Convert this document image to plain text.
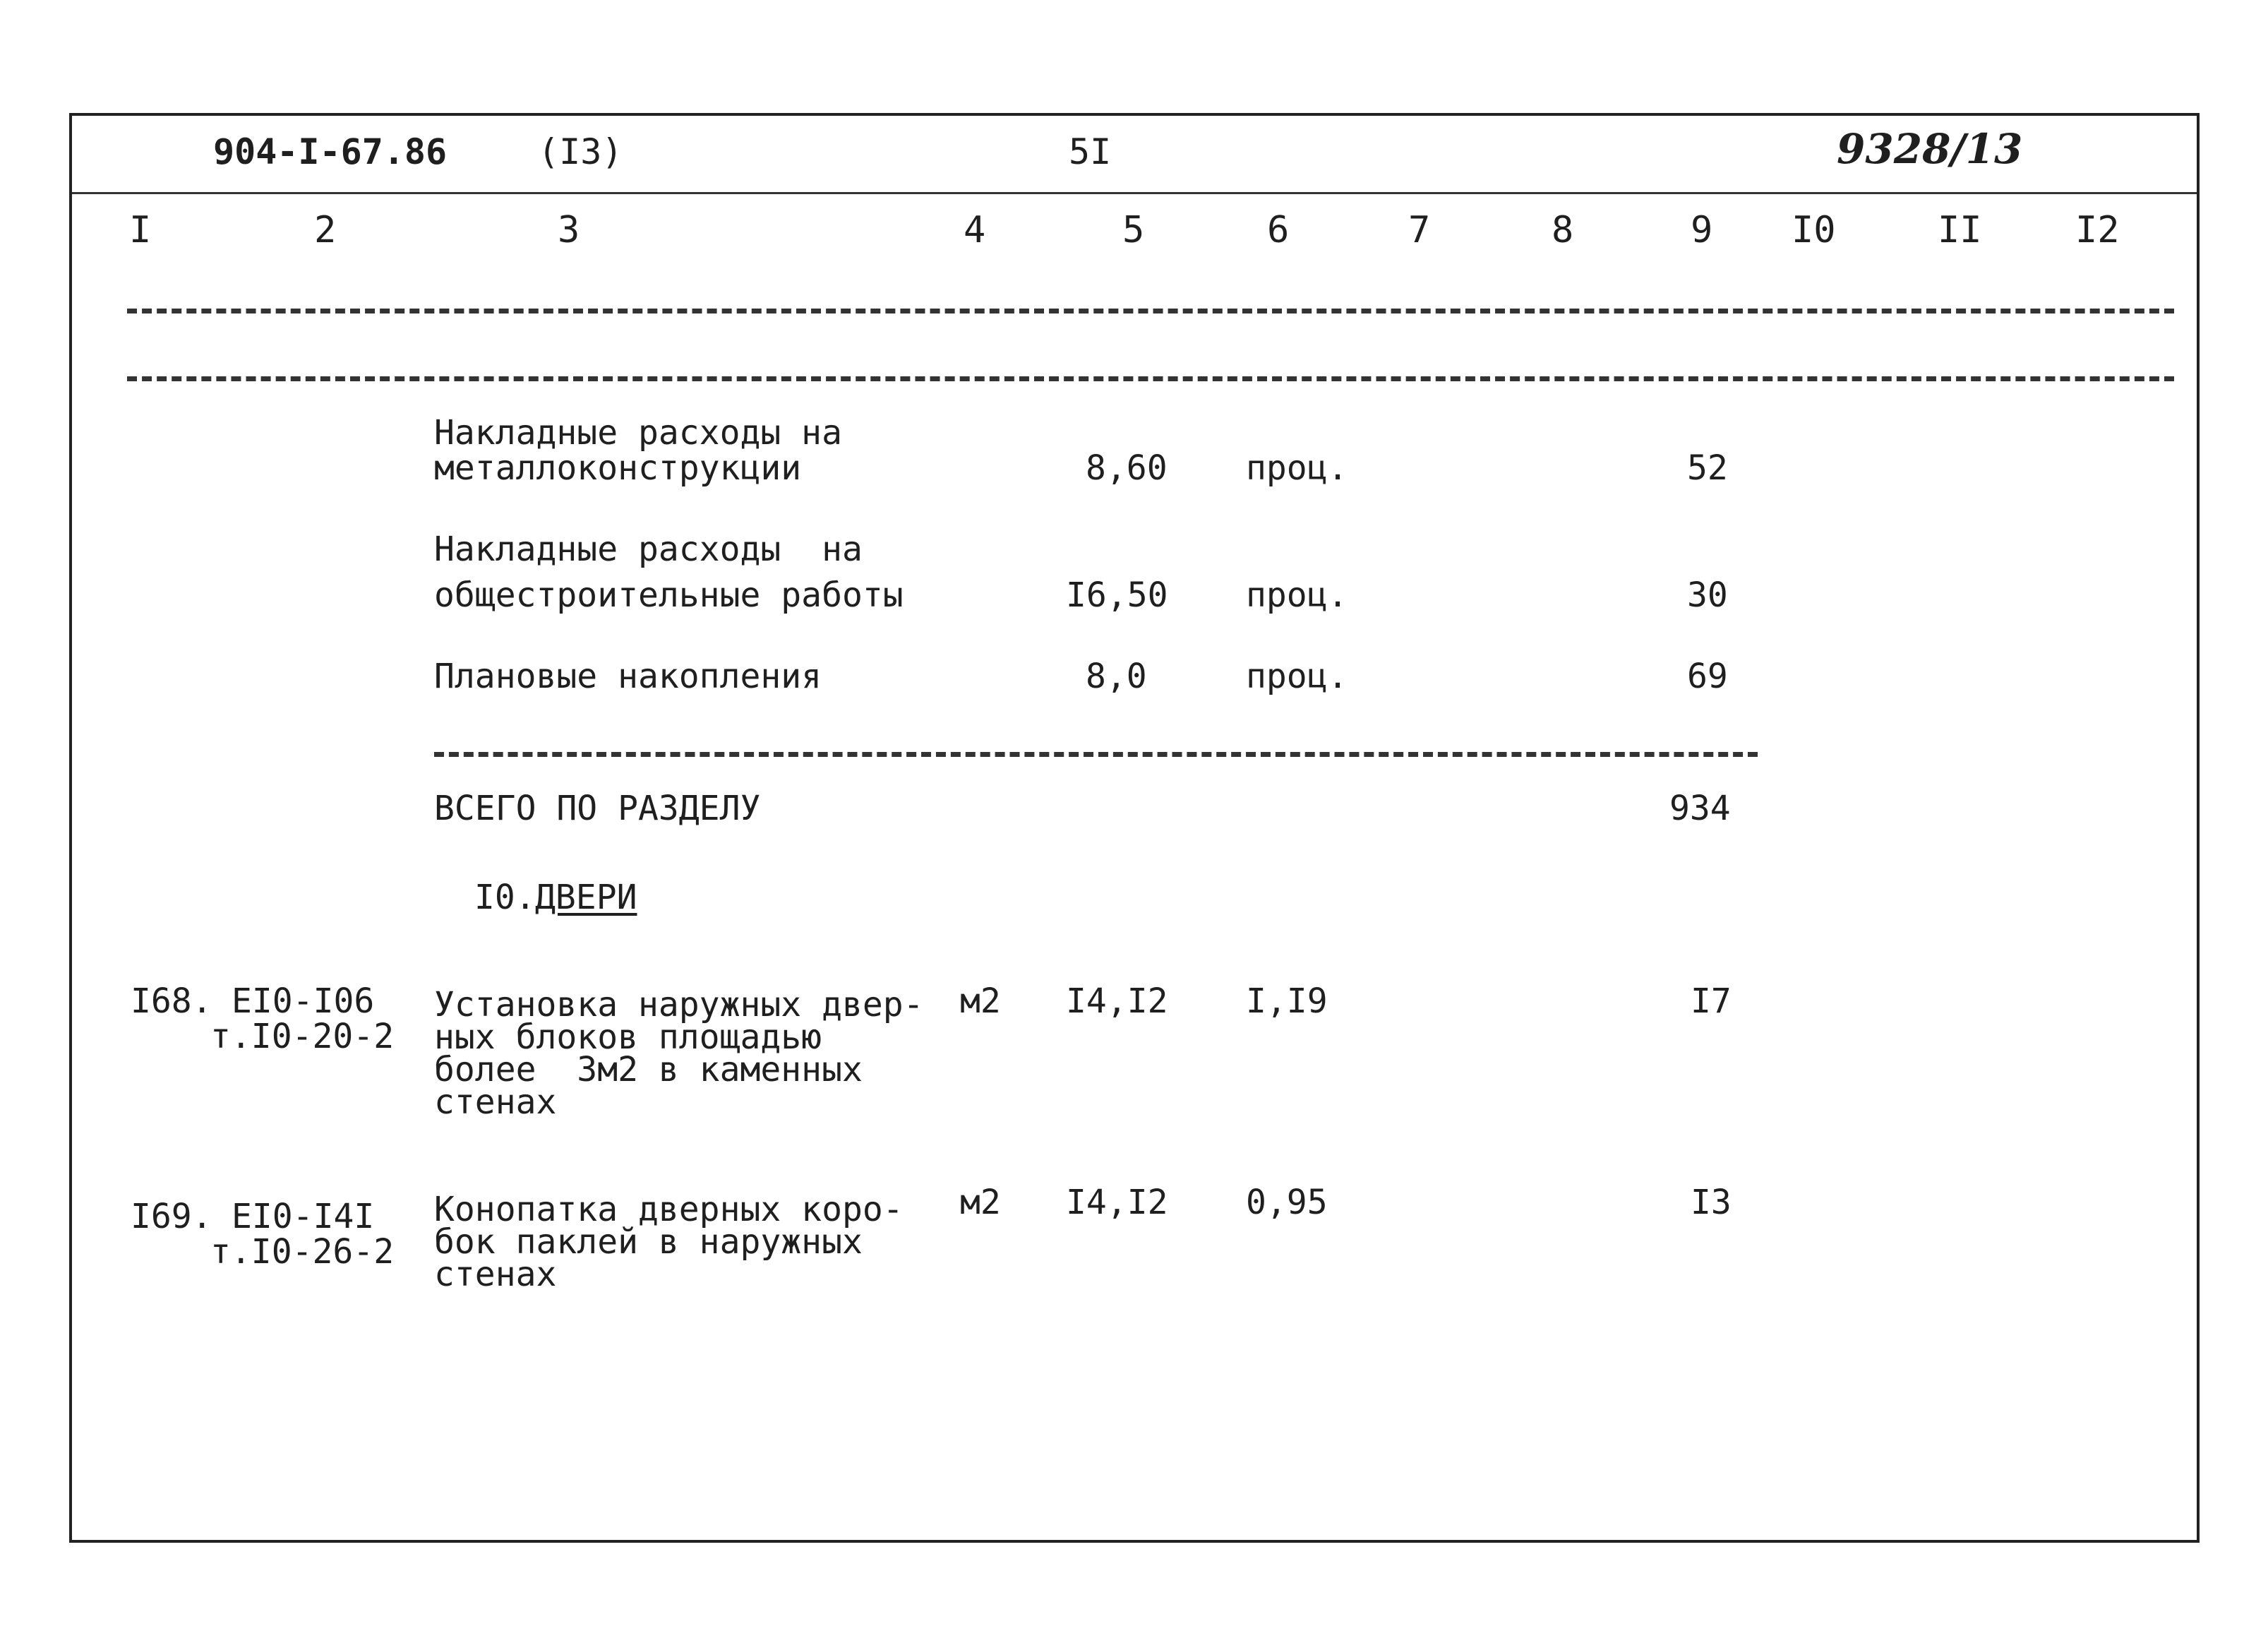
904-I-67.86	(I3)	5I	9328/13
I	2	3	4	5	6	7	8	9 I0	II	I2
Накладные расходы на
металлоконструкции	8,60 проц.	52
Накладные расходы  на
общестроительные работы	I6,50 проц.	30
Плановые накопления	8,0	проц.	69
ВСЕГО ПО РАЗДЕЛУ	934
I0. ДВЕРИ
I68. ЕI0-I06
т.I0-20-2
Установка наружных двер-
ных блоков площадью
более  3м2 в каменных
стенах
м2 I4,I2 I,I9	I7
I69. ЕI0-I4I
т.I0-26-2
Конопатка дверных коро-
бок паклей в наружных
стенах
м2 I4,I2 0,95	I3
